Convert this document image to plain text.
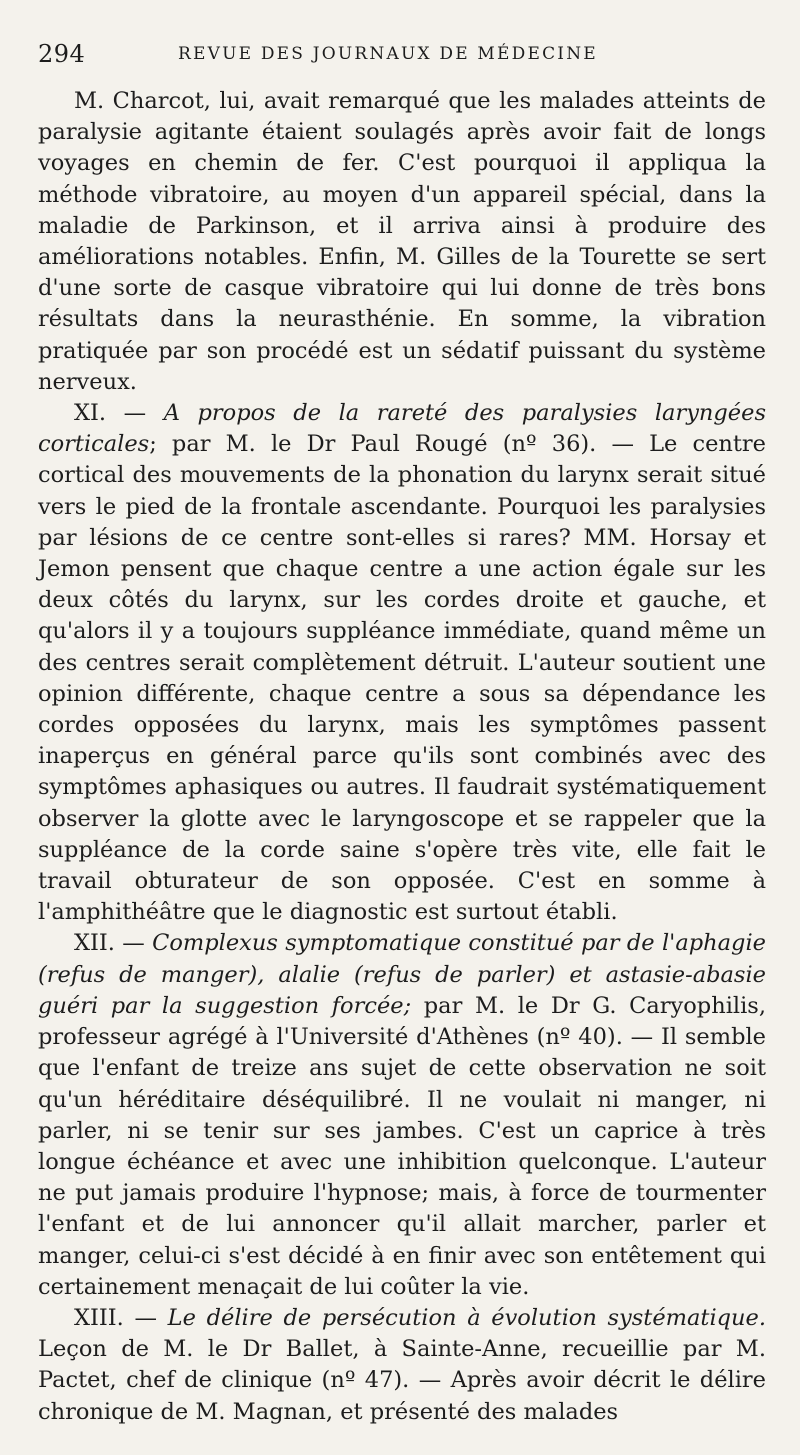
294	REVUE DES JOURNAUX DE MÉDECINE

M. Charcot, lui, avait remarqué que les malades atteints de paralysie agitante étaient soulagés après avoir fait de longs voyages en chemin de fer. C'est pourquoi il appliqua la méthode vibratoire, au moyen d'un appareil spécial, dans la maladie de Parkinson, et il arriva ainsi à produire des améliorations notables. Enfin, M. Gilles de la Tourette se sert d'une sorte de casque vibratoire qui lui donne de très bons résultats dans la neurasthénie. En somme, la vibration pratiquée par son procédé est un sédatif puissant du système nerveux.

XI. — A propos de la rareté des paralysies laryngées corticales; par M. le Dr Paul Rougé (nº 36). — Le centre cortical des mouvements de la phonation du larynx serait situé vers le pied de la frontale ascendante. Pourquoi les paralysies par lésions de ce centre sont-elles si rares? MM. Horsay et Jemon pensent que chaque centre a une action égale sur les deux côtés du larynx, sur les cordes droite et gauche, et qu'alors il y a toujours suppléance immédiate, quand même un des centres serait complètement détruit. L'auteur soutient une opinion différente, chaque centre a sous sa dépendance les cordes opposées du larynx, mais les symptômes passent inaperçus en général parce qu'ils sont combinés avec des symptômes aphasiques ou autres. Il faudrait systématiquement observer la glotte avec le laryngoscope et se rappeler que la suppléance de la corde saine s'opère très vite, elle fait le travail obturateur de son opposée. C'est en somme à l'amphithéâtre que le diagnostic est surtout établi.

XII. — Complexus symptomatique constitué par de l'aphagie (refus de manger), alalie (refus de parler) et astasie-abasie guéri par la suggestion forcée; par M. le Dr G. Caryophilis, professeur agrégé à l'Université d'Athènes (nº 40). — Il semble que l'enfant de treize ans sujet de cette observation ne soit qu'un héréditaire déséquilibré. Il ne voulait ni manger, ni parler, ni se tenir sur ses jambes. C'est un caprice à très longue échéance et avec une inhibition quelconque. L'auteur ne put jamais produire l'hypnose; mais, à force de tourmenter l'enfant et de lui annoncer qu'il allait marcher, parler et manger, celui-ci s'est décidé à en finir avec son entêtement qui certainement menaçait de lui coûter la vie.

XIII. — Le délire de persécution à évolution systématique. Leçon de M. le Dr Ballet, à Sainte-Anne, recueillie par M. Pactet, chef de clinique (nº 47). — Après avoir décrit le délire chronique de M. Magnan, et présenté des malades
